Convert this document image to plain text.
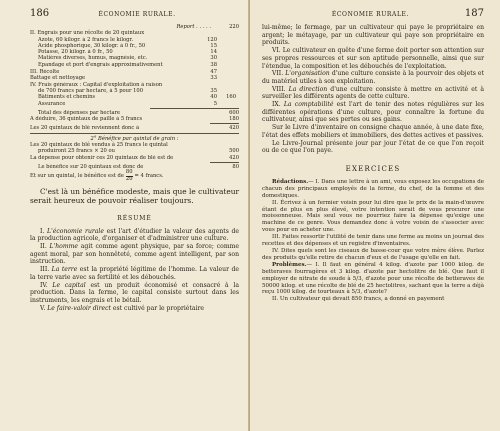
186	ÉCONOMIE RURALE.
Report . . . . .	220
II. Engrais pour une récolte de 20 quintaux
Azote, 60 kilogr. à 2 francs le kilogr.	120
Acide phosphorique, 30 kilogr. à 0 fr., 50	15
Potasse, 20 kilogr. à 0 fr., 50	14
Matières diverses, humus, magnésie, etc.	30
Épandage et port d'engrais approximativement	38
III. Récolte	47
Battage et nettoyage	33
IV. Frais généraux : Capital d'exploitation à raison
de 700 francs par hectare, à 5 pour 100	35
Bâtiments et chemins	40
Assurance	5
160
Total des dépenses par hectare	600
A déduire, 36 quintaux de paille à 5 francs	180
Les 20 quintaux de blé reviennent donc à	420
2° Bénéfice par quintal de grain :
Les 20 quintaux de blé vendus à 25 francs le quintal
produiront 25 francs × 20 ou	500
La dépense pour obtenir ces 20 quintaux de blé est de	420
Le bénéfice sur 20 quintaux est donc de	80
Et sur un quintal, le bénéfice est de $\frac{80}{20} = 4$ francs.

C'est là un bénéfice modeste, mais que le cultivateur serait heureux de pouvoir réaliser toujours.

RÉSUMÉ

I. L'économie rurale est l'art d'étudier la valeur des agents de la production agricole, d'organiser et d'administrer une culture.

II. L'homme agit comme agent physique, par sa force; comme agent moral, par son honnêteté, comme agent intelligent, par son instruction.

III. La terre est la propriété légitime de l'homme. La valeur de la terre varie avec sa fertilité et les débouchés.

IV. Le capital est un produit économisé et consacré à la production. Dans la ferme, le capital consiste surtout dans les instruments, les engrais et le bétail.

V. Le faire-valoir direct est cultivé par le propriétaire

ÉCONOMIE RURALE.	187

lui-même; le fermage, par un cultivateur qui paye le propriétaire en argent; le métayage, par un cultivateur qui paye son propriétaire en produits.

VI. Le cultivateur en quête d'une ferme doit porter son attention sur ses propres ressources et sur son aptitude personnelle, ainsi que sur l'étendue, la composition et les débouchés de l'exploitation.

VII. L'organisation d'une culture consiste à la pourvoir des objets et du matériel utiles à son exploitation.

VIII. La direction d'une culture consiste à mettre en activité et à surveiller les différents agents de cette culture.

IX. La comptabilité est l'art de tenir des notes régulières sur les différentes opérations d'une culture, pour connaître la fortune du cultivateur, ainsi que ses pertes ou ses gains.

Sur le Livre d'inventaire on consigne chaque année, à une date fixe, l'état des effets mobiliers et immobiliers, des dettes actives et passives.

Le Livre-Journal présente jour par jour l'état de ce que l'on reçoit ou de ce que l'on paye.

EXERCICES

Rédactions.— I. Dans une lettre à un ami, vous exposez les occupations de chacun des principaux employés de la ferme, du chef, de la femme et des domestiques.

II. Écrivez à un fermier voisin pour lui dire que le prix de la main-d'œuvre étant de plus en plus élevé, votre intention serait de vous procurer une moissonneuse. Mais seul vous ne pourriez faire la dépense qu'exige une machine de ce genre. Vous demandez donc à votre voisin de s'associer avec vous pour en acheter une.

III. Faites ressortir l'utilité de tenir dans une ferme au moins un journal des recettes et des dépenses et un registre d'inventaires.

IV. Dites quels sont les ciseaux de basse-cour que votre mère élève. Parlez des produits qu'elle retire de chacun d'eux et de l'usage qu'elle en fait.

Problèmes.— I. Il faut en général 4 kilog. d'azote par 1000 kilog. de betteraves fourragères et 3 kilog. d'azote par hectolitre de blé. Que faut il employer de nitrate de soude à 5/3, d'azote pour une récolte de betteraves de 50000 kilog. et une récolte de blé de 25 hectolitres, sachant que la terre a déjà reçu 1000 kilog. de tourteaux à 5/3, d'azote?

II. Un cultivateur qui devait 850 francs, a donné en payement
